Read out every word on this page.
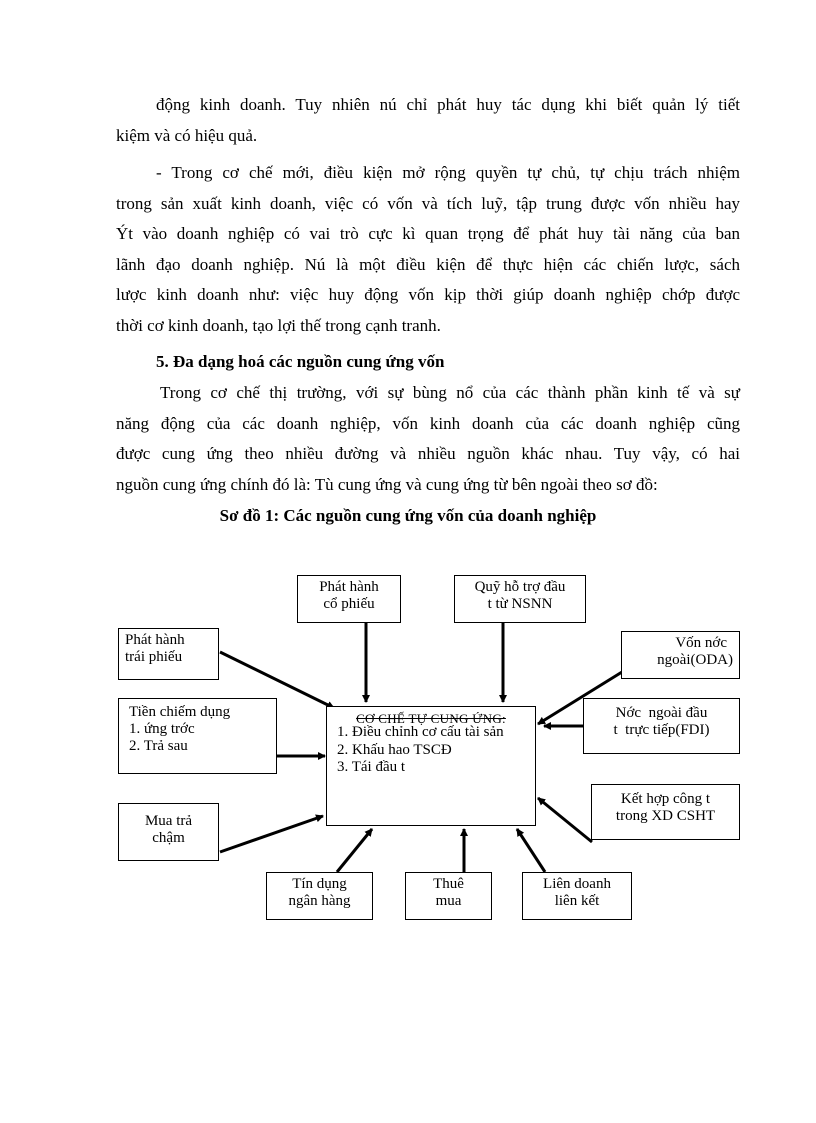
động kinh doanh. Tuy nhiên nú chỉ phát huy tác dụng khi biết quản lý tiết
kiệm và có hiệu quả.
- Trong cơ chế mới, điều kiện mở rộng quyền tự chủ, tự chịu trách nhiệm
trong sản xuất kinh doanh, việc có vốn và tích luỹ, tập trung được vốn nhiều hay
Ýt vào doanh nghiệp có vai trò cực kì quan trọng để phát huy tài năng của ban
lãnh đạo doanh nghiệp. Nú là một điều kiện để thực hiện các chiến lược, sách
lược kinh doanh như: việc huy động vốn kịp thời giúp doanh nghiệp chớp được
thời cơ kinh doanh, tạo lợi thế trong cạnh tranh.

5. Đa dạng hoá các nguồn cung ứng vốn

Trong cơ chế thị trường, với sự bùng nổ của các thành phần kinh tế và sự
năng động của các doanh nghiệp, vốn kinh doanh của các doanh nghiệp cũng
được cung ứng theo nhiều đường và nhiều nguồn khác nhau. Tuy vậy, có hai
nguồn cung ứng chính đó là: Tù cung ứng và cung ứng từ bên ngoài theo sơ đồ:

Sơ đồ 1: Các nguồn cung ứng vốn của doanh nghiệp

CƠ CHẾ TỰ CUNG ỨNG:
1. Điều chỉnh cơ cấu tài sản
2. Khấu hao TSCĐ
3. Tái đầu t
Phát hành
cổ phiếu
Quỹ hỗ trợ đầu
t từ NSNN
Phát hành
trái phiếu
Tiền chiếm dụng
1. ứng trớc
2. Trả sau
Mua trả
chậm
Vốn nớc
ngoài(ODA)
Nớc  ngoài đầu
t  trực tiếp(FDI)
Kết hợp công t
trong XD CSHT
Tín dụng
ngân hàng
Thuê
mua
Liên doanh
liên kết
